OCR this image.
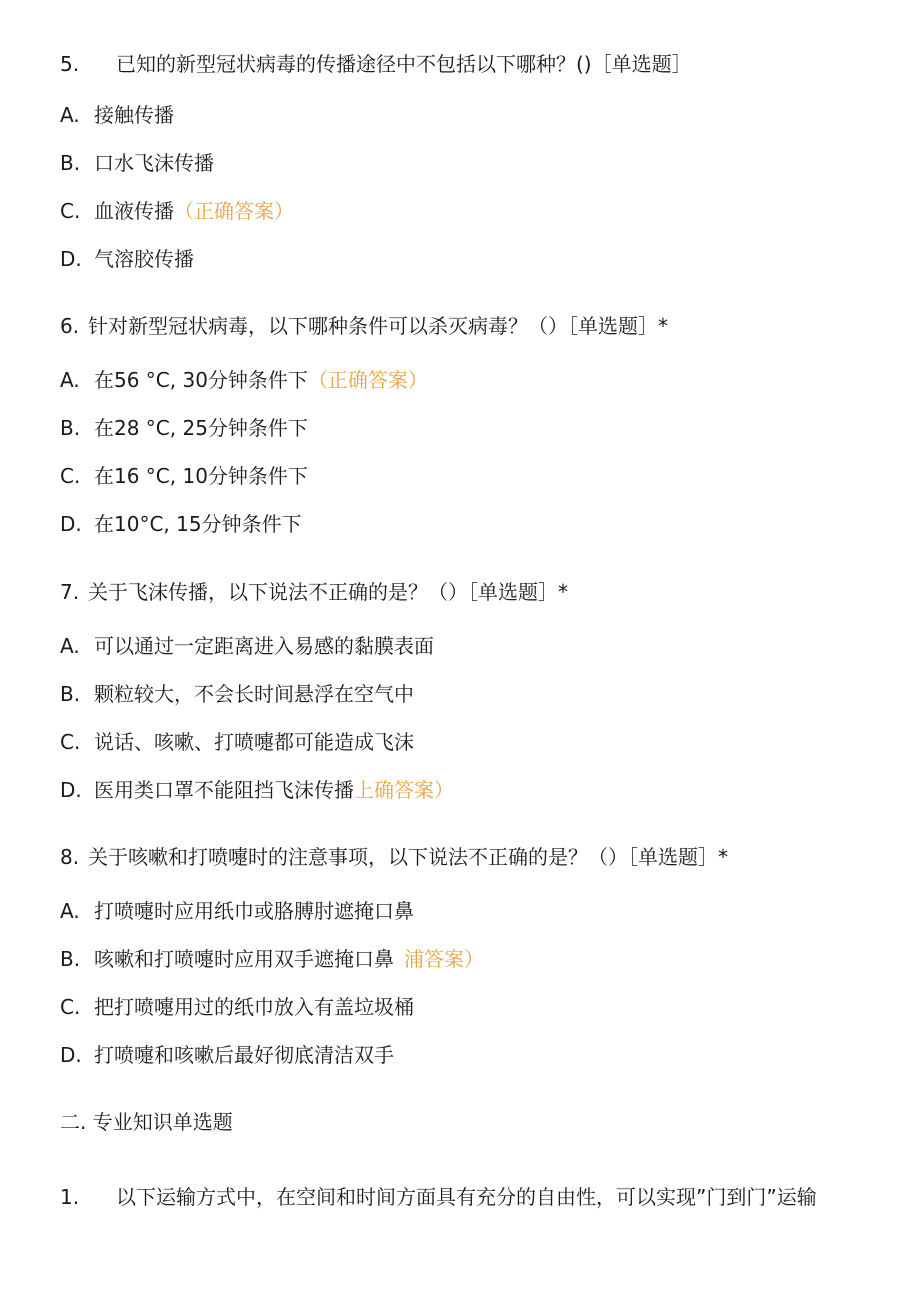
5. 已知的新型冠状病毒的传播途径中不包括以下哪种？()［单选题］
A. 接触传播
B. 口水飞沫传播
C. 血液传播（正确答案）
D. 气溶胶传播
6. 针对新型冠状病毒，以下哪种条件可以杀灭病毒？（）［单选题］*
A. 在56 °C, 30分钟条件下（正确答案）
B. 在28 °C, 25分钟条件下
C. 在16 °C, 10分钟条件下
D. 在10°C, 15分钟条件下
7. 关于飞沫传播，以下说法不正确的是？（）［单选题］*
A. 可以通过一定距离进入易感的黏膜表面
B. 颗粒较大，不会长时间悬浮在空气中
C. 说话、咳嗽、打喷嚏都可能造成飞沫
D. 医用类口罩不能阻挡飞沫传播上确答案）
8. 关于咳嗽和打喷嚏时的注意事项，以下说法不正确的是？（）［单选题］*
A. 打喷嚏时应用纸巾或胳膊肘遮掩口鼻
B. 咳嗽和打喷嚏时应用双手遮掩口鼻 浦答案）
C. 把打喷嚏用过的纸巾放入有盖垃圾桶
D. 打喷嚏和咳嗽后最好彻底清洁双手
二. 专业知识单选题
1. 以下运输方式中，在空间和时间方面具有充分的自由性，可以实现”门到门”运输
